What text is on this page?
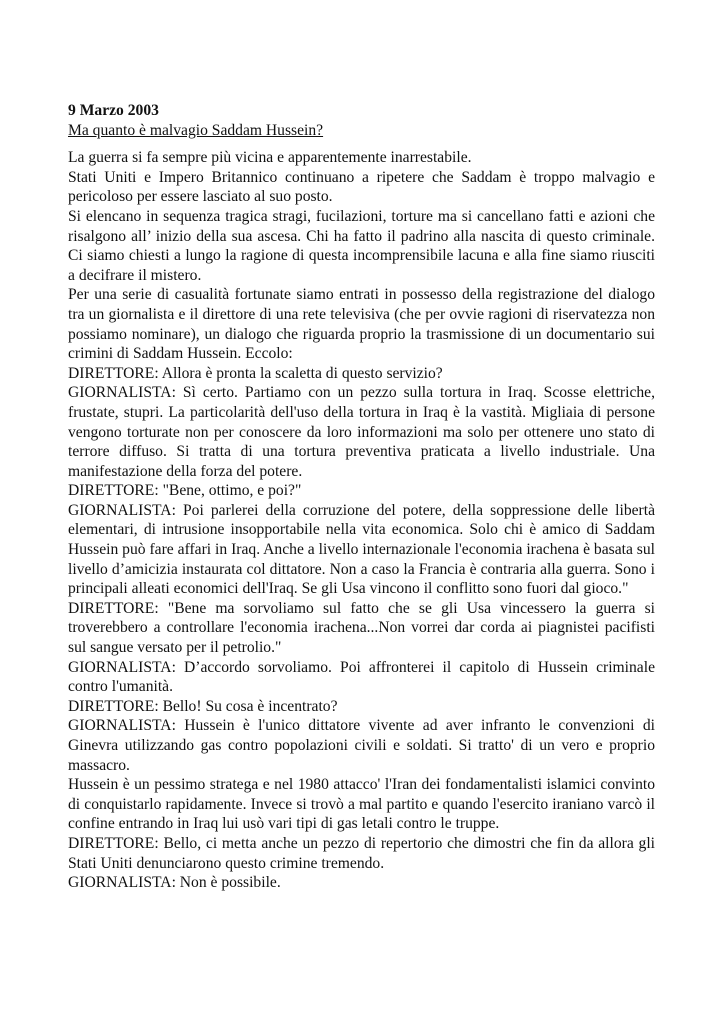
9 Marzo 2003

Ma quanto è malvagio Saddam Hussein?

La guerra si fa sempre più vicina e apparentemente inarrestabile.

Stati Uniti e Impero Britannico continuano a ripetere che Saddam è troppo malvagio e pericoloso per essere lasciato al suo posto.

Si elencano in sequenza tragica stragi, fucilazioni, torture ma si cancellano fatti e azioni che risalgono all’ inizio della sua ascesa. Chi ha fatto il padrino alla nascita di questo criminale. Ci siamo chiesti a lungo la ragione di questa incomprensibile lacuna e alla fine siamo riusciti a decifrare il mistero.

Per una serie di casualità fortunate siamo entrati in possesso della registrazione del dialogo tra un giornalista e il direttore di una rete televisiva (che per ovvie ragioni di riservatezza non possiamo nominare), un dialogo che riguarda proprio la trasmissione di un documentario sui crimini di Saddam Hussein. Eccolo:

DIRETTORE: Allora è pronta la scaletta di questo servizio?

GIORNALISTA: Sì certo. Partiamo con un pezzo sulla tortura in Iraq. Scosse elettriche, frustate, stupri. La particolarità dell'uso della tortura in Iraq è la vastità. Migliaia di persone vengono torturate non per conoscere da loro informazioni ma solo per ottenere uno stato di terrore diffuso. Si tratta di una tortura preventiva praticata a livello industriale. Una manifestazione della forza del potere.

DIRETTORE: "Bene, ottimo, e poi?"

GIORNALISTA: Poi parlerei della corruzione del potere, della soppressione delle libertà elementari, di intrusione insopportabile nella vita economica. Solo chi è amico di Saddam Hussein può fare affari in Iraq. Anche a livello internazionale l'economia irachena è basata sul livello d’amicizia instaurata col dittatore. Non a caso la Francia è contraria alla guerra. Sono i principali alleati economici dell'Iraq. Se gli Usa vincono il conflitto sono fuori dal gioco."

DIRETTORE: "Bene ma sorvoliamo sul fatto che se gli Usa vincessero la guerra si troverebbero a controllare l'economia irachena...Non vorrei dar corda ai piagnistei pacifisti sul sangue versato per il petrolio."

GIORNALISTA: D’accordo sorvoliamo. Poi affronterei il capitolo di Hussein criminale contro l'umanità.

DIRETTORE: Bello! Su cosa è incentrato?

GIORNALISTA: Hussein è l'unico dittatore vivente ad aver infranto le convenzioni di Ginevra utilizzando gas contro popolazioni civili e soldati. Si tratto' di un vero e proprio massacro.

Hussein è un pessimo stratega e nel 1980 attacco' l'Iran dei fondamentalisti islamici convinto di conquistarlo rapidamente. Invece si trovò a mal partito e quando l'esercito iraniano varcò il confine entrando in Iraq lui usò vari tipi di gas letali contro le truppe.

DIRETTORE: Bello, ci metta anche un pezzo di repertorio che dimostri che fin da allora gli Stati Uniti denunciarono questo crimine tremendo.

GIORNALISTA: Non è possibile.
